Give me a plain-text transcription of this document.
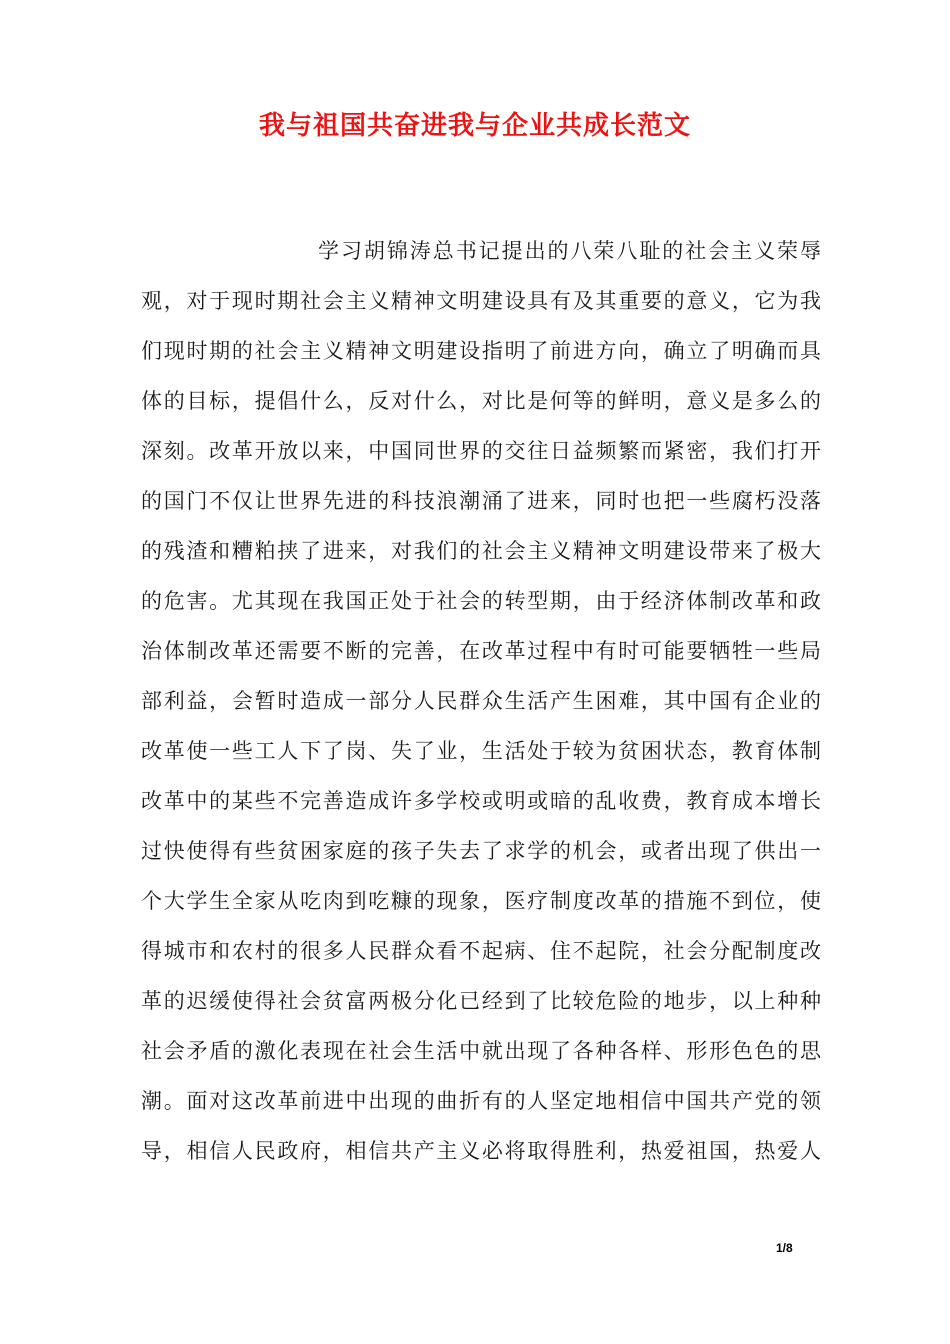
我与祖国共奋进我与企业共成长范文
学习胡锦涛总书记提出的八荣八耻的社会主义荣辱
观，对于现时期社会主义精神文明建设具有及其重要的意义，它为我
们现时期的社会主义精神文明建设指明了前进方向，确立了明确而具
体的目标，提倡什么，反对什么，对比是何等的鲜明，意义是多么的
深刻。改革开放以来，中国同世界的交往日益频繁而紧密，我们打开
的国门不仅让世界先进的科技浪潮涌了进来，同时也把一些腐朽没落
的残渣和糟粕挟了进来，对我们的社会主义精神文明建设带来了极大
的危害。尤其现在我国正处于社会的转型期，由于经济体制改革和政
治体制改革还需要不断的完善，在改革过程中有时可能要牺牲一些局
部利益，会暂时造成一部分人民群众生活产生困难，其中国有企业的
改革使一些工人下了岗、失了业，生活处于较为贫困状态，教育体制
改革中的某些不完善造成许多学校或明或暗的乱收费，教育成本增长
过快使得有些贫困家庭的孩子失去了求学的机会，或者出现了供出一
个大学生全家从吃肉到吃糠的现象，医疗制度改革的措施不到位，使
得城市和农村的很多人民群众看不起病、住不起院，社会分配制度改
革的迟缓使得社会贫富两极分化已经到了比较危险的地步，以上种种
社会矛盾的激化表现在社会生活中就出现了各种各样、形形色色的思
潮。面对这改革前进中出现的曲折有的人坚定地相信中国共产党的领
导，相信人民政府，相信共产主义必将取得胜利，热爱祖国，热爱人
1/8
